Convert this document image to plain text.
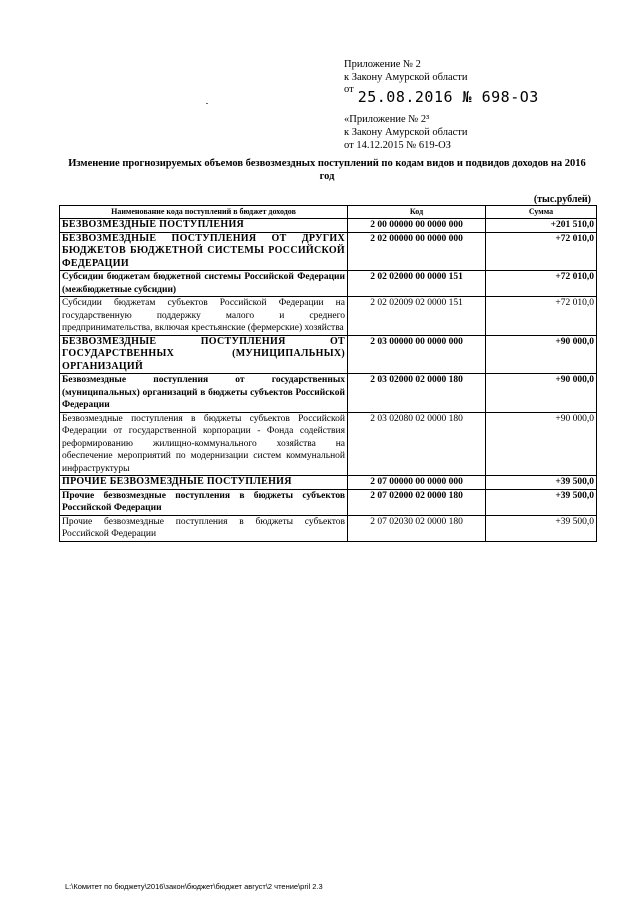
Приложение № 2
к Закону Амурской области
$^{от}$ 25.08.2016 № 698-ОЗ
«Приложение № 2³
к Закону Амурской области
от 14.12.2015 № 619-ОЗ
Изменение прогнозируемых объемов безвозмездных поступлений по кодам видов и подвидов доходов на 2016 год
(тыс.рублей)
Наименование кода поступлений в бюджет доходов	Код	Сумма
БЕЗВОЗМЕЗДНЫЕ ПОСТУПЛЕНИЯ	2 00 00000 00 0000 000	+201 510,0
БЕЗВОЗМЕЗДНЫЕ ПОСТУПЛЕНИЯ ОТ ДРУГИХ БЮДЖЕТОВ БЮДЖЕТНОЙ СИСТЕМЫ РОССИЙСКОЙ ФЕДЕРАЦИИ	2 02 00000 00 0000 000	+72 010,0
Субсидии бюджетам бюджетной системы Российской Федерации (межбюджетные субсидии)	2 02 02000 00 0000 151	+72 010,0
Субсидии бюджетам субъектов Российской Федерации на государственную поддержку малого и среднего предпринимательства, включая крестьянские (фермерские) хозяйства	2 02 02009 02 0000 151	+72 010,0
БЕЗВОЗМЕЗДНЫЕ ПОСТУПЛЕНИЯ ОТ ГОСУДАРСТВЕННЫХ (МУНИЦИПАЛЬНЫХ) ОРГАНИЗАЦИЙ	2 03 00000 00 0000 000	+90 000,0
Безвозмездные поступления от государственных (муниципальных) организаций в бюджеты субъектов Российской Федерации	2 03 02000 02 0000 180	+90 000,0
Безвозмездные поступления в бюджеты субъектов Российской Федерации от государственной корпорации - Фонда содействия реформированию жилищно-коммунального хозяйства на обеспечение мероприятий по модернизации систем коммунальной инфраструктуры	2 03 02080 02 0000 180	+90 000,0
ПРОЧИЕ БЕЗВОЗМЕЗДНЫЕ ПОСТУПЛЕНИЯ	2 07 00000 00 0000 000	+39 500,0
Прочие безвозмездные поступления в бюджеты субъектов Российской Федерации	2 07 02000 02 0000 180	+39 500,0
Прочие безвозмездные поступления в бюджеты субъектов Российской Федерации	2 07 02030 02 0000 180	+39 500,0
L:\Комитет по бюджету\2016\закон\бюджет\бюджет август\2 чтение\pril 2.3
